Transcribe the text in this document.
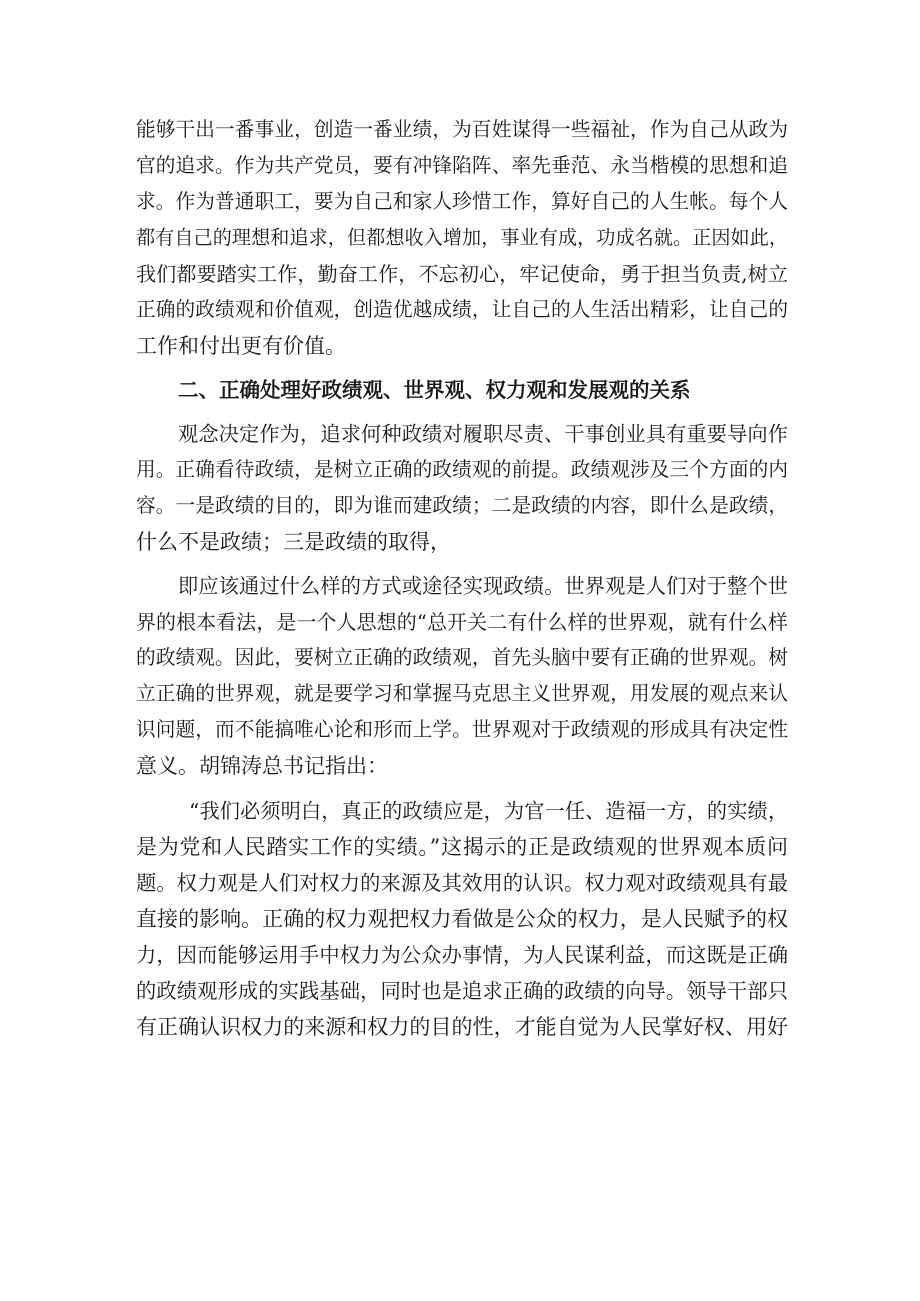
能够干出一番事业，创造一番业绩，为百姓谋得一些福祉，作为自己从政为
官的追求。作为共产党员，要有冲锋陷阵、率先垂范、永当楷模的思想和追
求。作为普通职工，要为自己和家人珍惜工作，算好自己的人生帐。每个人
都有自己的理想和追求，但都想收入增加，事业有成，功成名就。正因如此，
我们都要踏实工作，勤奋工作，不忘初心，牢记使命，勇于担当负责,树立
正确的政绩观和价值观，创造优越成绩，让自己的人生活出精彩，让自己的
工作和付出更有价值。
二、正确处理好政绩观、世界观、权力观和发展观的关系
观念决定作为，追求何种政绩对履职尽责、干事创业具有重要导向作
用。正确看待政绩，是树立正确的政绩观的前提。政绩观涉及三个方面的内
容。一是政绩的目的，即为谁而建政绩；二是政绩的内容，即什么是政绩，
什么不是政绩；三是政绩的取得，
即应该通过什么样的方式或途径实现政绩。世界观是人们对于整个世
界的根本看法，是一个人思想的“总开关二有什么样的世界观，就有什么样
的政绩观。因此，要树立正确的政绩观，首先头脑中要有正确的世界观。树
立正确的世界观，就是要学习和掌握马克思主义世界观，用发展的观点来认
识问题，而不能搞唯心论和形而上学。世界观对于政绩观的形成具有决定性
意义。胡锦涛总书记指出：
“我们必须明白，真正的政绩应是，为官一任、造福一方，的实绩，
是为党和人民踏实工作的实绩。”这揭示的正是政绩观的世界观本质问
题。权力观是人们对权力的来源及其效用的认识。权力观对政绩观具有最
直接的影响。正确的权力观把权力看做是公众的权力，是人民赋予的权
力，因而能够运用手中权力为公众办事情，为人民谋利益，而这既是正确
的政绩观形成的实践基础，同时也是追求正确的政绩的向导。领导干部只
有正确认识权力的来源和权力的目的性，才能自觉为人民掌好权、用好
